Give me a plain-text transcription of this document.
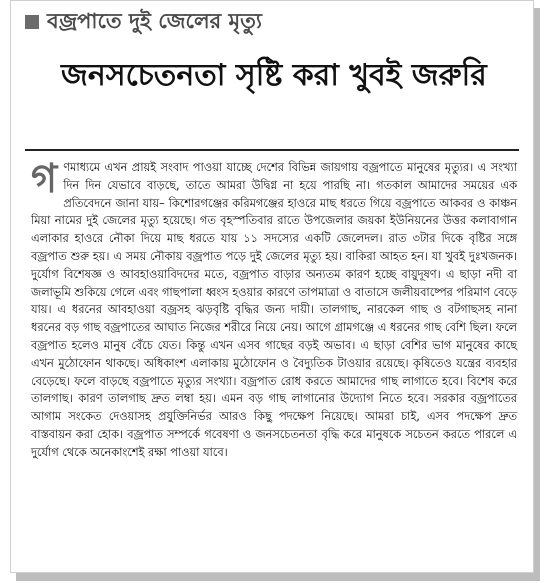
বজ্রপাতে দুই জেলের মৃত্যু
জনসচেতনতা সৃষ্টি করা খুবই জরুরি
গণমাধ্যমে এখন প্রায়ই সংবাদ পাওয়া যাচ্ছে দেশের বিভিন্ন জায়গায় বজ্রপাতে মানুষের মৃত্যুর। এ সংখ্যা দিন দিন যেভাবে বাড়ছে, তাতে আমরা উদ্বিগ্ন না হয়ে পারছি না। গতকাল আমাদের সময়ের এক প্রতিবেদনে জানা যায়– কিশোরগঞ্জের করিমগঞ্জের হাওরে মাছ ধরতে গিয়ে বজ্রপাতে আকবর ও কাঞ্চন মিয়া নামের দুই জেলের মৃত্যু হয়েছে। গত বৃহস্পতিবার রাতে উপজেলার জয়কা ইউনিয়নের উত্তর কলাবাগান এলাকার হাওরে নৌকা দিয়ে মাছ ধরতে যায় ১১ সদস্যের একটি জেলেদল। রাত ৩টার দিকে বৃষ্টির সঙ্গে বজ্রপাত শুরু হয়। এ সময় নৌকায় বজ্রপাত পড়ে দুই জেলের মৃত্যু হয়। বাকিরা আহত হন। যা খুবই দুঃখজনক। দুর্যোগ বিশেষজ্ঞ ও আবহাওয়াবিদদের মতে, বজ্রপাত বাড়ার অন্যতম কারণ হচ্ছে বায়ুদূষণ। এ ছাড়া নদী বা জলাভূমি শুকিয়ে গেলে এবং গাছপালা ধ্বংস হওয়ার কারণে তাপমাত্রা ও বাতাসে জলীয়বাষ্পের পরিমাণ বেড়ে যায়। এ ধরনের আবহাওয়া বজ্রসহ ঝড়বৃষ্টি বৃদ্ধির জন্য দায়ী। তালগাছ, নারকেল গাছ ও বটগাছসহ নানা ধরনের বড় গাছ বজ্রপাতের আঘাত নিজের শরীরে নিয়ে নেয়। আগে গ্রামগঞ্জে এ ধরনের গাছ বেশি ছিল। ফলে বজ্রপাত হলেও মানুষ বেঁচে যেত। কিন্তু এখন এসব গাছের বড়ই অভাব। এ ছাড়া বেশির ভাগ মানুষের কাছে এখন মুঠোফোন থাকছে। অধিকাংশ এলাকায় মুঠোফোন ও বৈদ্যুতিক টাওয়ার রয়েছে। কৃষিতেও যন্ত্রের ব্যবহার বেড়েছে। ফলে বাড়ছে বজ্রপাতে মৃত্যুর সংখ্যা। বজ্রপাত রোধ করতে আমাদের গাছ লাগাতে হবে। বিশেষ করে তালগাছ। কারণ তালগাছ দ্রুত লম্বা হয়। এমন বড় গাছ লাগানোর উদ্যোগ নিতে হবে। সরকার বজ্রপাতের আগাম সংকেত দেওয়াসহ প্রযুক্তিনির্ভর আরও কিছু পদক্ষেপ নিয়েছে। আমরা চাই, এসব পদক্ষেপ দ্রুত বাস্তবায়ন করা হোক। বজ্রপাত সম্পর্কে গবেষণা ও জনসচেতনতা বৃদ্ধি করে মানুষকে সচেতন করতে পারলে এ দুর্যোগ থেকে অনেকাংশেই রক্ষা পাওয়া যাবে।
